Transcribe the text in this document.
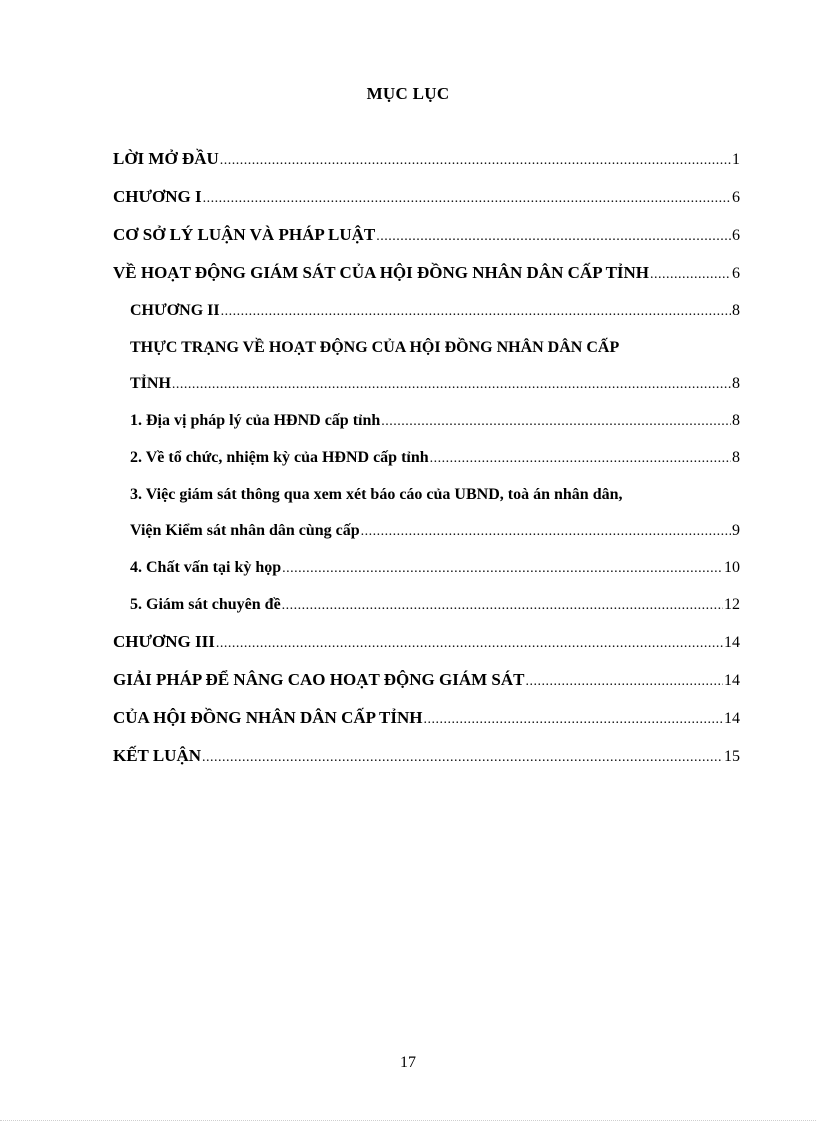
MỤC LỤC
LỜI MỞ ĐẦU .....	1
CHƯƠNG I .....	6
CƠ SỞ LÝ LUẬN VÀ PHÁP LUẬT .....	6
VỀ HOẠT ĐỘNG GIÁM SÁT CỦA HỘI ĐỒNG NHÂN DÂN CẤP TỈNH .....	6
CHƯƠNG II .....	8
THỰC TRẠNG VỀ HOẠT ĐỘNG CỦA HỘI ĐỒNG NHÂN DÂN CẤP
TỈNH .....	8
1. Địa vị pháp lý của HĐND cấp tỉnh .....	8
2. Về tổ chức, nhiệm kỳ của HĐND cấp tỉnh .....	8
3. Việc giám sát thông qua xem xét báo cáo của UBND, toà án nhân dân,
Viện Kiểm sát nhân dân cùng cấp .....	9
4. Chất vấn tại kỳ họp .....	10
5. Giám sát chuyên đề .....	12
CHƯƠNG III .....	14
GIẢI PHÁP ĐỂ NÂNG CAO HOẠT ĐỘNG GIÁM SÁT .....	14
CỦA HỘI ĐỒNG NHÂN DÂN CẤP TỈNH .....	14
KẾT LUẬN .....	15
17
